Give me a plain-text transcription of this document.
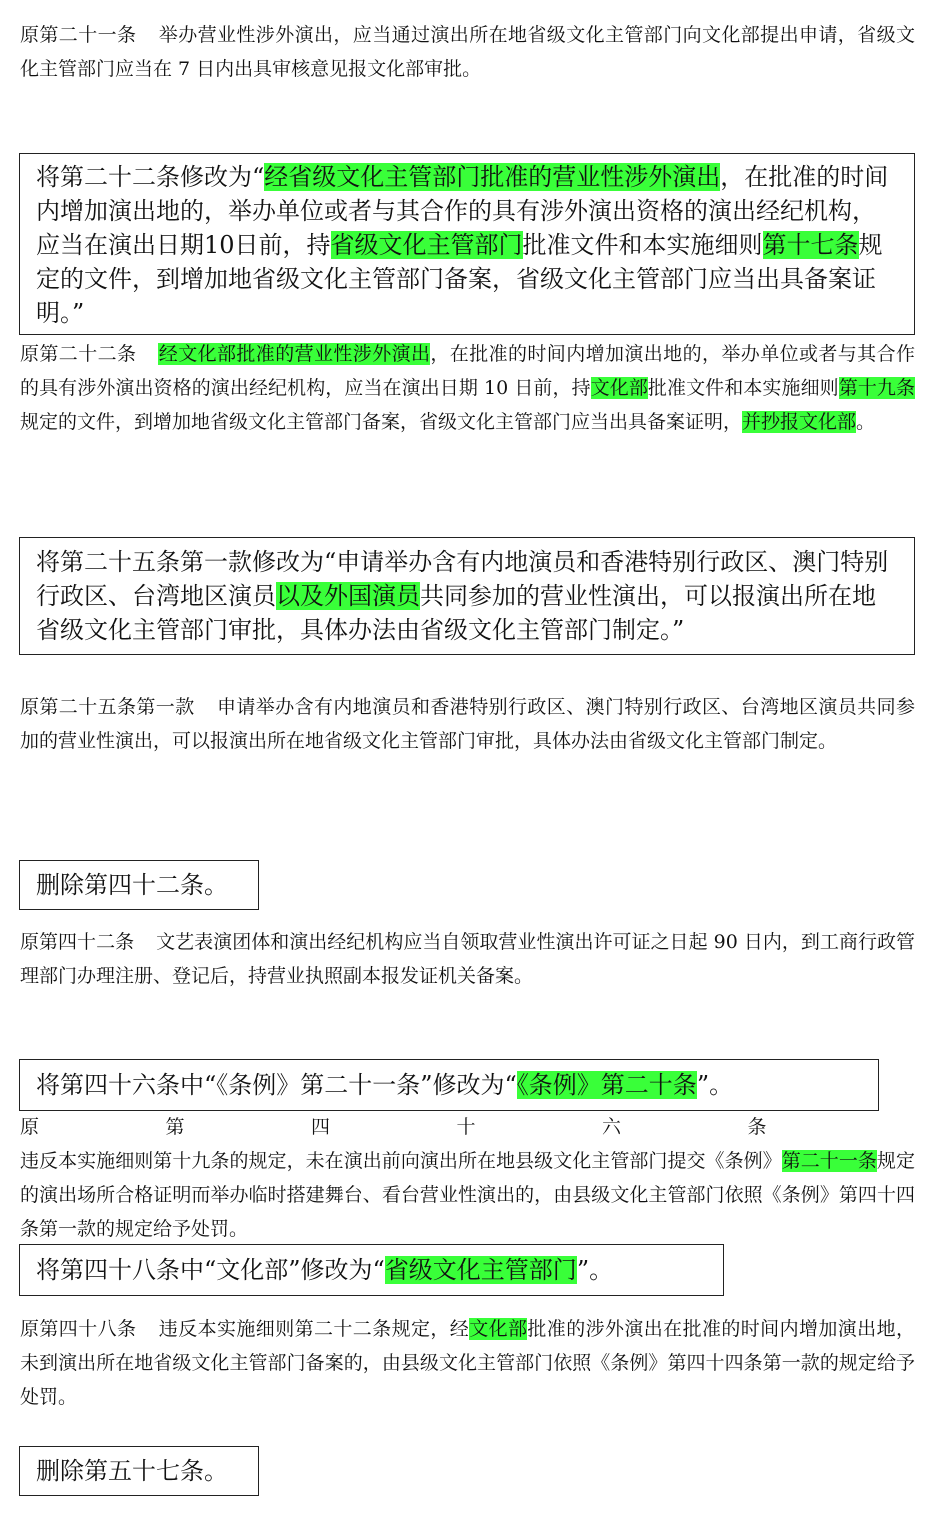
原第二十一条 举办营业性涉外演出，应当通过演出所在地省级文化主管部门向文化部提出申请，省级文化主管部门应当在 7 日内出具审核意见报文化部审批。

将第二十二条修改为“经省级文化主管部门批准的营业性涉外演出，在批准的时间内增加演出地的，举办单位或者与其合作的具有涉外演出资格的演出经纪机构，应当在演出日期10日前，持省级文化主管部门批准文件和本实施细则第十七条规定的文件，到增加地省级文化主管部门备案，省级文化主管部门应当出具备案证明。”

原第二十二条 经文化部批准的营业性涉外演出，在批准的时间内增加演出地的，举办单位或者与其合作的具有涉外演出资格的演出经纪机构，应当在演出日期 10 日前，持文化部批准文件和本实施细则第十九条规定的文件，到增加地省级文化主管部门备案，省级文化主管部门应当出具备案证明，并抄报文化部。

将第二十五条第一款修改为“申请举办含有内地演员和香港特别行政区、澳门特别行政区、台湾地区演员以及外国演员共同参加的营业性演出，可以报演出所在地省级文化主管部门审批，具体办法由省级文化主管部门制定。”

原第二十五条第一款 申请举办含有内地演员和香港特别行政区、澳门特别行政区、台湾地区演员共同参加的营业性演出，可以报演出所在地省级文化主管部门审批，具体办法由省级文化主管部门制定。

删除第四十二条。

原第四十二条 文艺表演团体和演出经纪机构应当自领取营业性演出许可证之日起 90 日内，到工商行政管理部门办理注册、登记后，持营业执照副本报发证机关备案。

将第四十六条中“《条例》第二十一条”修改为“《条例》第二十条”。

原第四十六条违反本实施细则第十九条的规定，未在演出前向演出所在地县级文化主管部门提交《条例》第二十一条规定的演出场所合格证明而举办临时搭建舞台、看台营业性演出的，由县级文化主管部门依照《条例》第四十四条第一款的规定给予处罚。

将第四十八条中“文化部”修改为“省级文化主管部门”。

原第四十八条 违反本实施细则第二十二条规定，经文化部批准的涉外演出在批准的时间内增加演出地，未到演出所在地省级文化主管部门备案的，由县级文化主管部门依照《条例》第四十四条第一款的规定给予处罚。

删除第五十七条。
